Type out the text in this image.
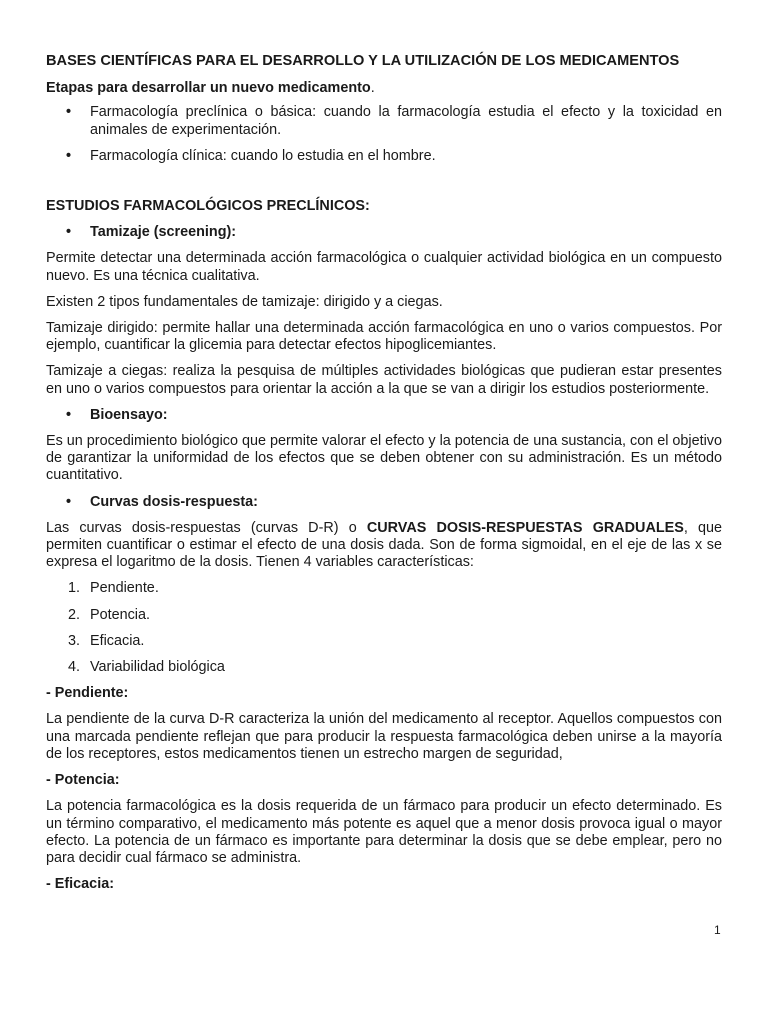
BASES CIENTÍFICAS PARA EL DESARROLLO Y LA UTILIZACIÓN DE LOS MEDICAMENTOS

Etapas para desarrollar un nuevo medicamento.

• Farmacología preclínica o básica: cuando la farmacología estudia el efecto y la toxicidad en animales de experimentación.
• Farmacología clínica: cuando lo estudia en el hombre.

ESTUDIOS FARMACOLÓGICOS PRECLÍNICOS:

• Tamizaje (screening):

Permite detectar una determinada acción farmacológica o cualquier actividad biológica en un compuesto nuevo. Es una técnica cualitativa.

Existen 2 tipos fundamentales de tamizaje: dirigido y a ciegas.

Tamizaje dirigido: permite hallar una determinada acción farmacológica en uno o varios compuestos. Por ejemplo, cuantificar la glicemia para detectar efectos hipoglicemiantes.

Tamizaje a ciegas: realiza la pesquisa de múltiples actividades biológicas que pudieran estar presentes en uno o varios compuestos para orientar la acción a la que se van a dirigir los estudios posteriormente.

• Bioensayo:

Es un procedimiento biológico que permite valorar el efecto y la potencia de una sustancia, con el objetivo de garantizar la uniformidad de los efectos que se deben obtener con su administración. Es un método cuantitativo.

• Curvas dosis-respuesta:

Las curvas dosis-respuestas (curvas D-R) o CURVAS DOSIS-RESPUESTAS GRADUALES, que permiten cuantificar o estimar el efecto de una dosis dada. Son de forma sigmoidal, en el eje de las x se expresa el logaritmo de la dosis. Tienen 4 variables características:

1. Pendiente.
2. Potencia.
3. Eficacia.
4. Variabilidad biológica

- Pendiente:

La pendiente de la curva D-R caracteriza la unión del medicamento al receptor. Aquellos compuestos con una marcada pendiente reflejan que para producir la respuesta farmacológica deben unirse a la mayoría de los receptores, estos medicamentos tienen un estrecho margen de seguridad,

- Potencia:

La potencia farmacológica es la dosis requerida de un fármaco para producir un efecto determinado. Es un término comparativo, el medicamento más potente es aquel que a menor dosis provoca igual o mayor efecto. La potencia de un fármaco es importante para determinar la dosis que se debe emplear, pero no para decidir cual fármaco se administra.

- Eficacia:

1
